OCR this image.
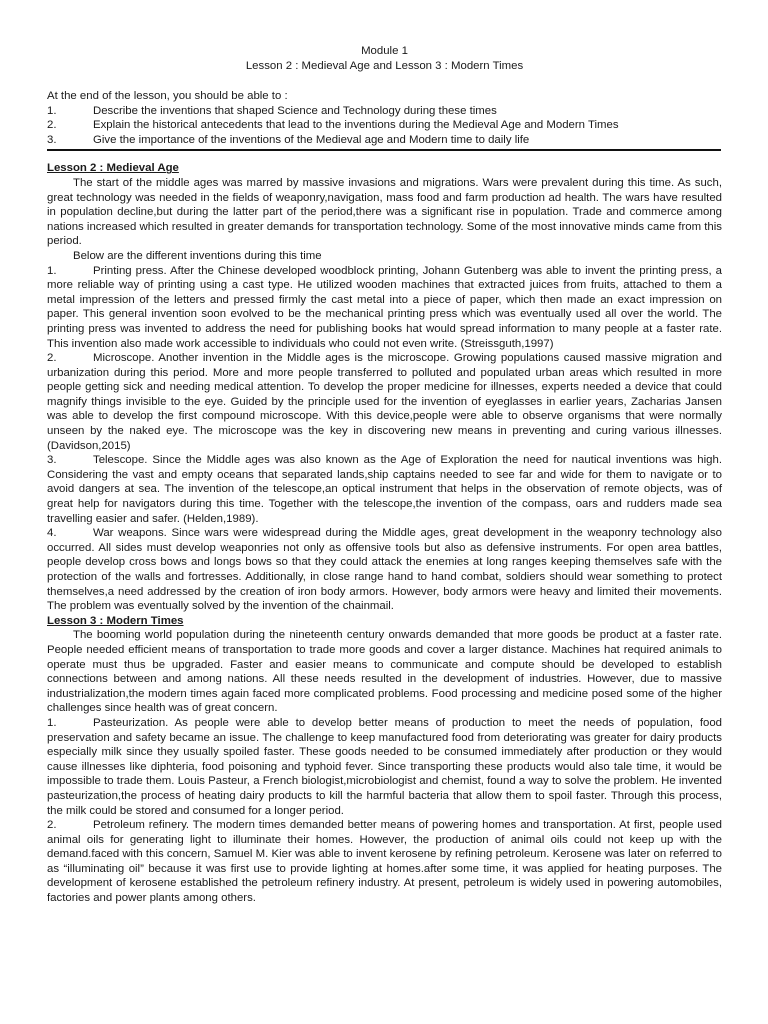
Module 1
Lesson 2 : Medieval Age and Lesson 3 : Modern Times
At the end of the lesson, you should be able to :
1.	Describe the inventions that shaped Science and Technology during these times
2.	Explain the historical antecedents that lead to the inventions during the Medieval Age and Modern Times
3.	Give the importance of the inventions of the Medieval age and Modern time to daily life
Lesson 2 : Medieval Age

The start of the middle ages was marred by massive invasions and migrations. Wars were prevalent during this time. As such, great technology was needed in the fields of weaponry,navigation, mass food and farm production ad health. The wars have resulted in population decline,but during the latter part of the period,there was a significant rise in population. Trade and commerce among nations increased which resulted in greater demands for transportation technology. Some of the most innovative minds came from this period.

Below are the different inventions during this time

1.	Printing press. After the Chinese developed woodblock printing, Johann Gutenberg was able to invent the printing press, a more reliable way of printing using a cast type. He utilized wooden machines that extracted juices from fruits, attached to them a metal impression of the letters and pressed firmly the cast metal into a piece of paper, which then made an exact impression on paper. This general invention soon evolved to be the mechanical printing press which was eventually used all over the world. The printing press was invented to address the need for publishing books hat would spread information to many people at a faster rate. This invention also made work accessible to individuals who could not even write. (Streissguth,1997)
2.	Microscope. Another invention in the Middle ages is the microscope. Growing populations caused massive migration and urbanization during this period. More and more people transferred to polluted and populated urban areas which resulted in more people getting sick and needing medical attention. To develop the proper medicine for illnesses, experts needed a device that could magnify things invisible to the eye. Guided by the principle used for the invention of eyeglasses in earlier years, Zacharias Jansen was able to develop the first compound microscope. With this device,people were able to observe organisms that were normally unseen by the naked eye. The microscope was the key in discovering new means in preventing and curing various illnesses. (Davidson,2015)
3.	Telescope. Since the Middle ages was also known as the Age of Exploration the need for nautical inventions was high. Considering the vast and empty oceans that separated lands,ship captains needed to see far and wide for them to navigate or to avoid dangers at sea. The invention of the telescope,an optical instrument that helps in the observation of remote objects, was of great help for navigators during this time. Together with the telescope,the invention of the compass, oars and rudders made sea travelling easier and safer. (Helden,1989).
4.	War weapons. Since wars were widespread during the Middle ages, great development in the weaponry technology also occurred. All sides must develop weaponries not only as offensive tools but also as defensive instruments. For open area battles, people develop cross bows and longs bows so that they could attack the enemies at long ranges keeping themselves safe with the protection of the walls and fortresses. Additionally, in close range hand to hand combat, soldiers should wear something to protect themselves,a need addressed by the creation of iron body armors. However, body armors were heavy and limited their movements. The problem was eventually solved by the invention of the chainmail.
Lesson 3 : Modern Times

The booming world population during the nineteenth century onwards demanded that more goods be product at a faster rate. People needed efficient means of transportation to trade more goods and cover a larger distance. Machines hat required animals to operate must thus be upgraded. Faster and easier means to communicate and compute should be developed to establish connections between and among nations. All these needs resulted in the development of industries. However, due to massive industrialization,the modern times again faced more complicated problems. Food processing and medicine posed some of the higher challenges since health was of great concern.

1.	Pasteurization. As people were able to develop better means of production to meet the needs of population, food preservation and safety became an issue. The challenge to keep manufactured food from deteriorating was greater for dairy products especially milk since they usually spoiled faster. These goods needed to be consumed immediately after production or they would cause illnesses like diphteria, food poisoning and typhoid fever. Since transporting these products would also tale time, it would be impossible to trade them. Louis Pasteur, a French biologist,microbiologist and chemist, found a way to solve the problem. He invented pasteurization,the process of heating dairy products to kill the harmful bacteria that allow them to spoil faster. Through this process, the milk could be stored and consumed for a longer period.
2.	Petroleum refinery. The modern times demanded better means of powering homes and transportation. At first, people used animal oils for generating light to illuminate their homes. However, the production of animal oils could not keep up with the demand.faced with this concern, Samuel M. Kier was able to invent kerosene by refining petroleum. Kerosene was later on referred to as “illuminating oil” because it was first use to provide lighting at homes.after some time, it was applied for heating purposes. The development of kerosene established the petroleum refinery industry. At present, petroleum is widely used in powering automobiles, factories and power plants among others.
